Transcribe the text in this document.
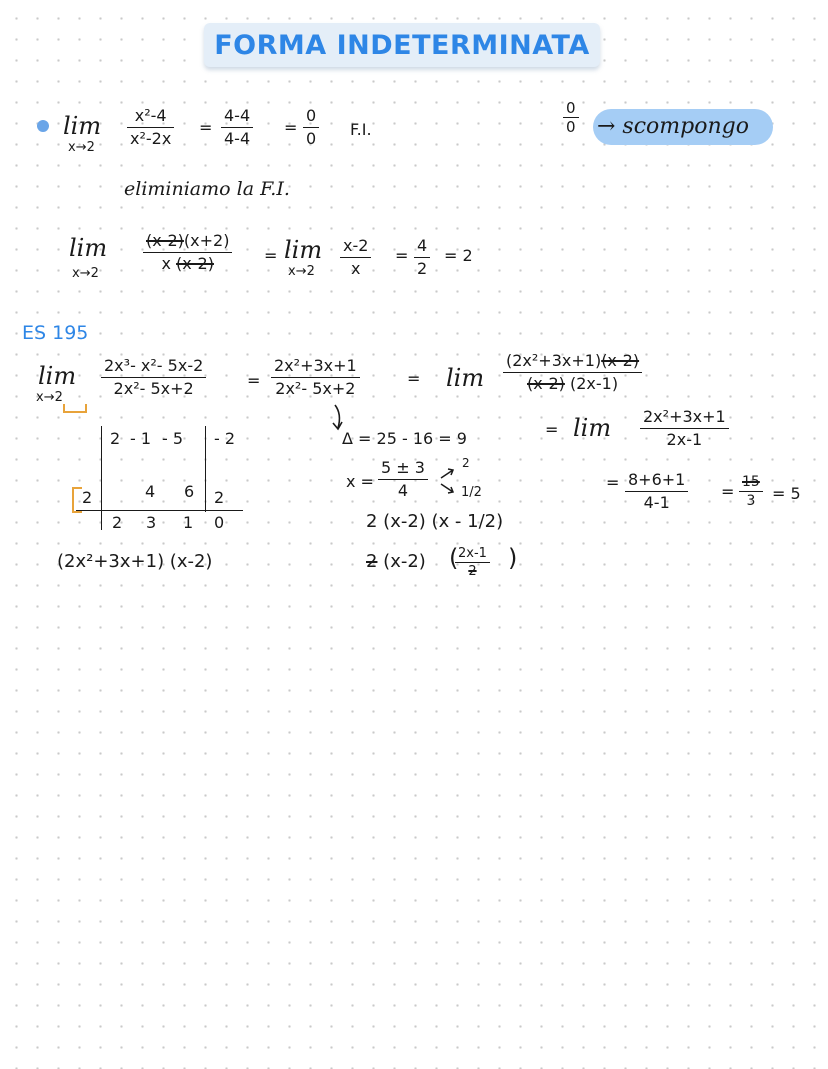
FORMA INDETERMINATA
lim
x→2
x²-4
x²-2x
=
4-4
4-4
=
0
0 F.I.
0
0 → scompongo
eliminiamo la F.I.
lim
x→2
(x-2)(x+2)
x (x-2)	= lim
x→2
x-2
x
=
4
2
= 2
ES 195
lim
x→2
2x³- x²- 5x-2
2x²- 5x+2	=
2x²+3x+1
2x²- 5x+2
= lim
(2x²+3x+1)(x-2)
(x-2) (2x-1)
= lim 2x²+3x+1
2x-1
= 8+6+1
4-1
= 15
3 = 5
2 - 1 - 5 - 2
2	4 6 2
2 3 1 0
(2x²+3x+1) (x-2)
Δ = 25 - 16 = 9
x =
5 ± 3
4
2
1/2
2 (x-2) (x - 1/2)
2 (x-2) ( 2x-1
2 )
